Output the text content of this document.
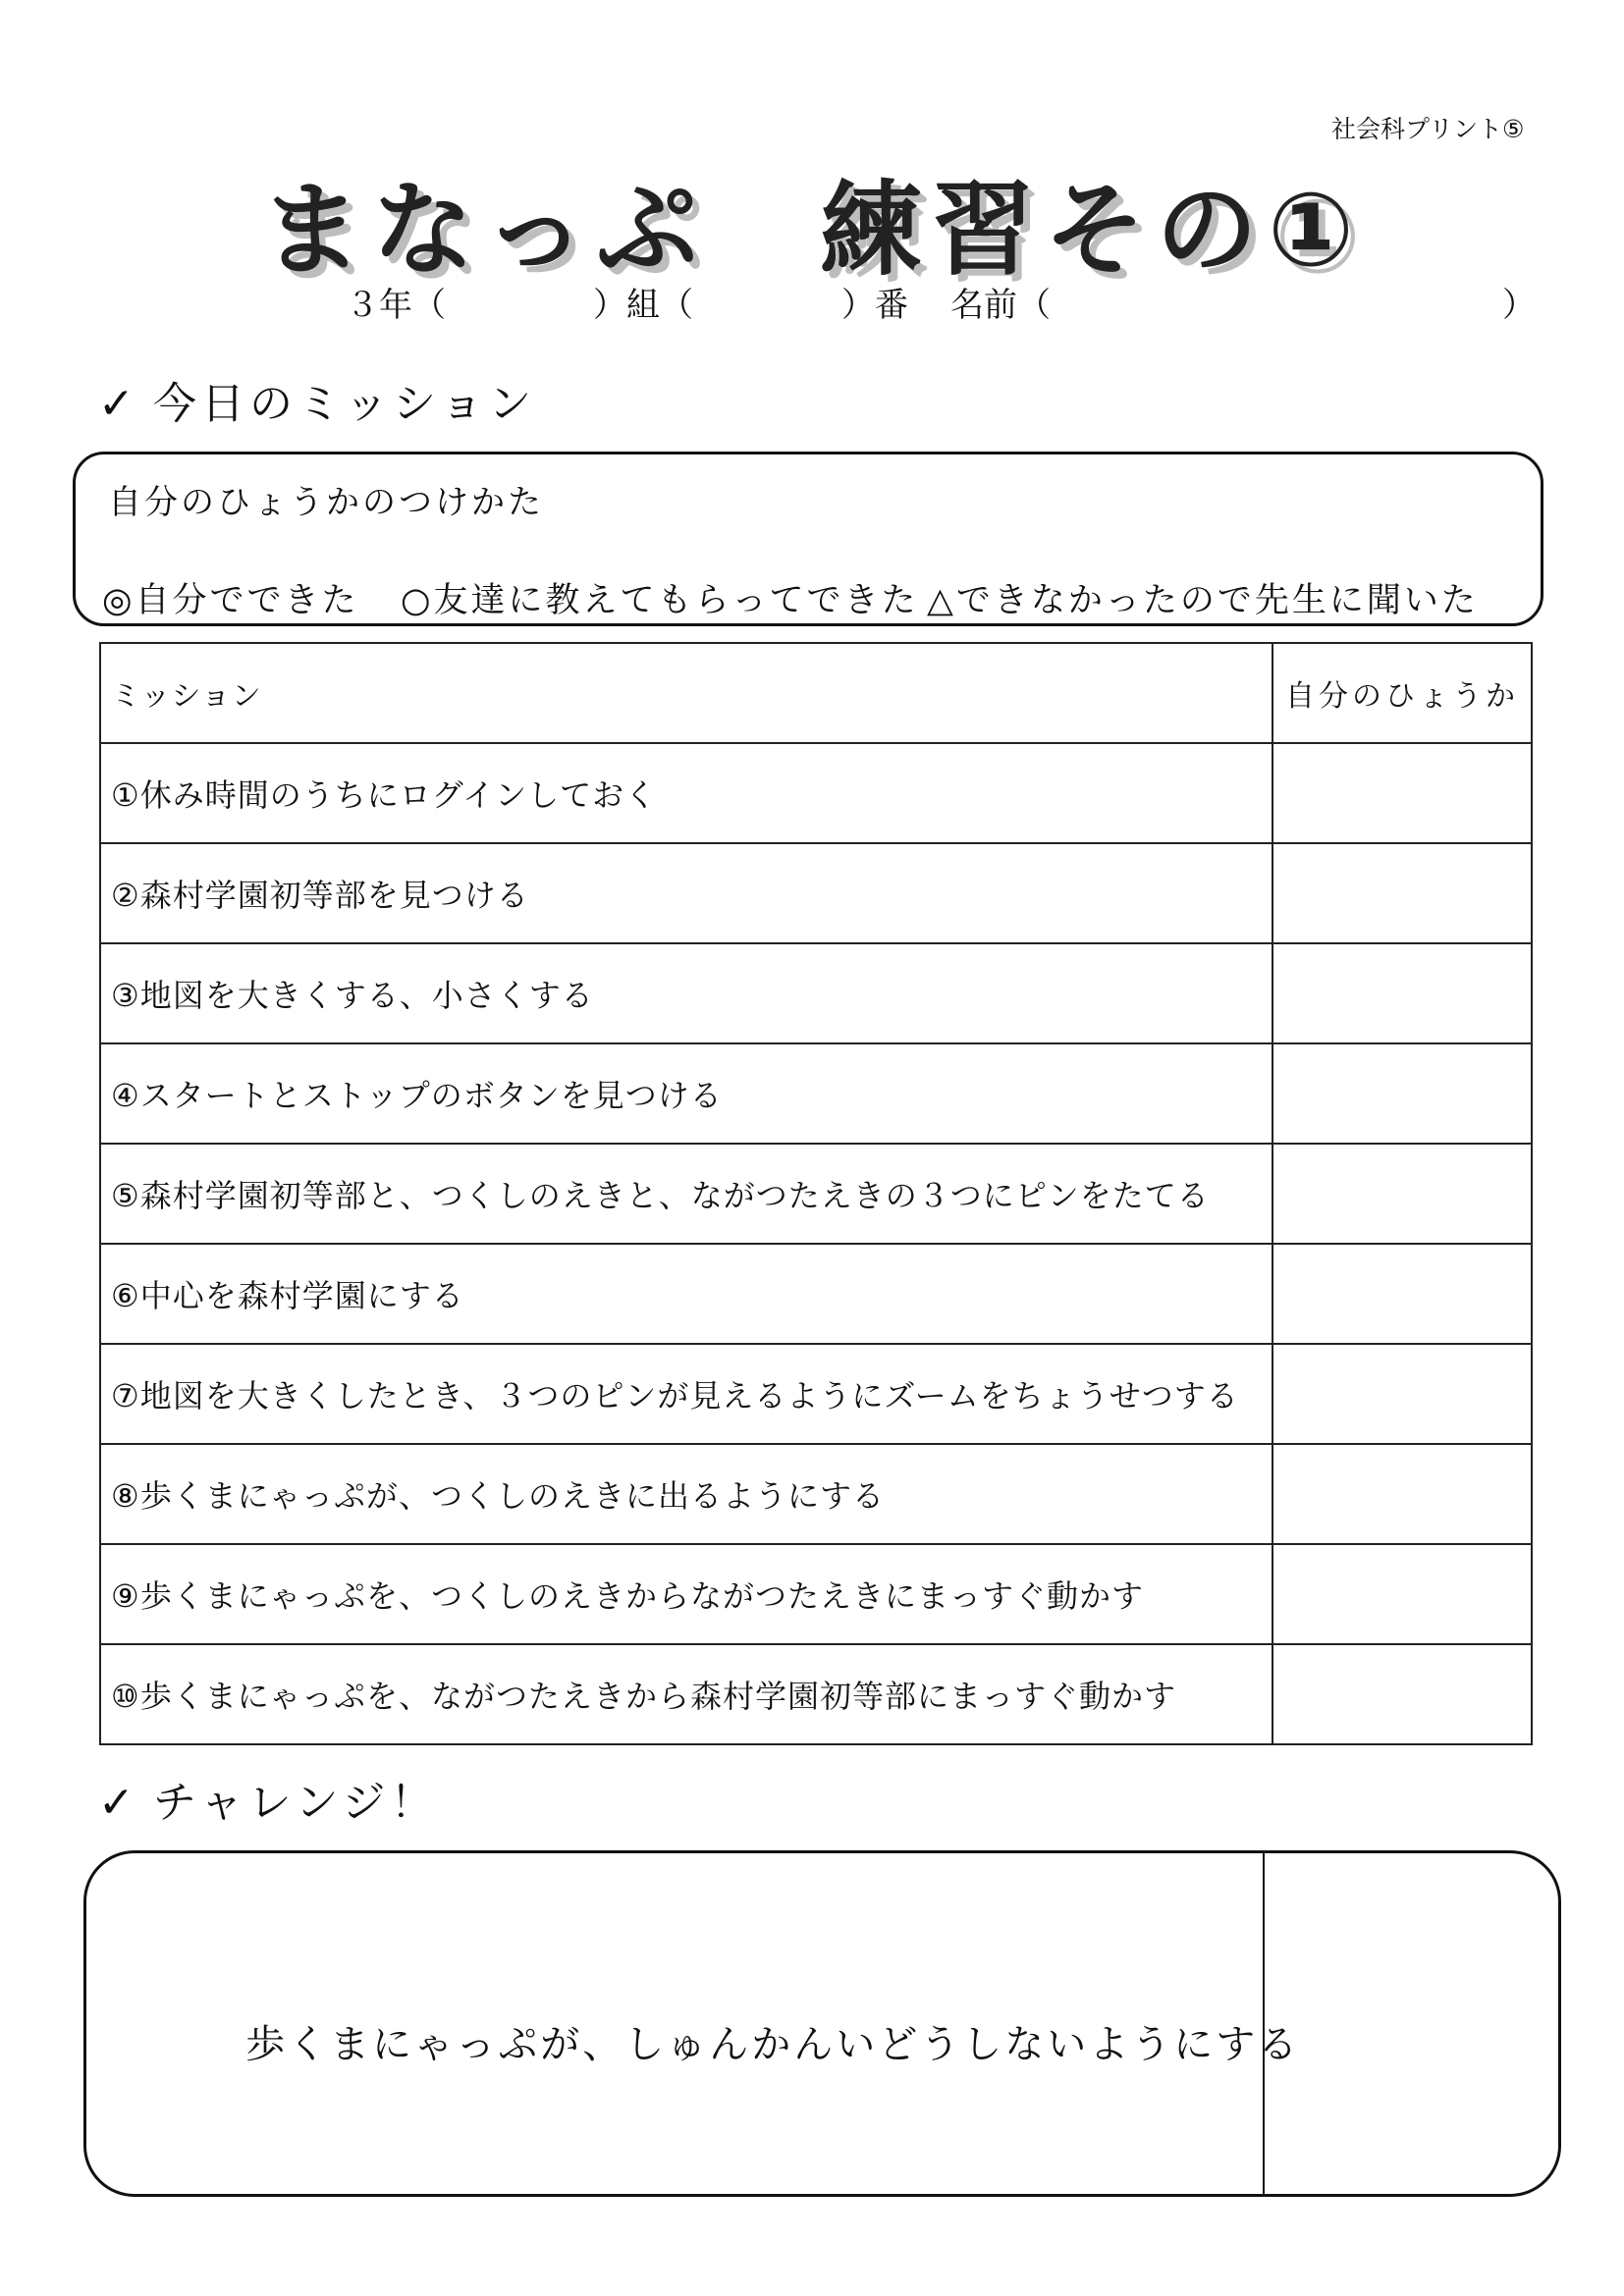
社会科プリント⑤
まなっぷ　練習その①
３年（	）組（	）番 名前（	）
✓ 今日のミッション
自分のひょうかのつけかた
◎自分でできた ○友達に教えてもらってできた △できなかったので先生に聞いた
ミッション	自分のひょうか
①休み時間のうちにログインしておく	
②森村学園初等部を見つける	
③地図を大きくする、小さくする	
④スタートとストップのボタンを見つける	
⑤森村学園初等部と、つくしのえきと、ながつたえきの３つにピンをたてる	
⑥中心を森村学園にする	
⑦地図を大きくしたとき、３つのピンが見えるようにズームをちょうせつする	
⑧歩くまにゃっぷが、つくしのえきに出るようにする	
⑨歩くまにゃっぷを、つくしのえきからながつたえきにまっすぐ動かす	
⑩歩くまにゃっぷを、ながつたえきから森村学園初等部にまっすぐ動かす	
✓ チャレンジ！
歩くまにゃっぷが、しゅんかんいどうしないようにする
